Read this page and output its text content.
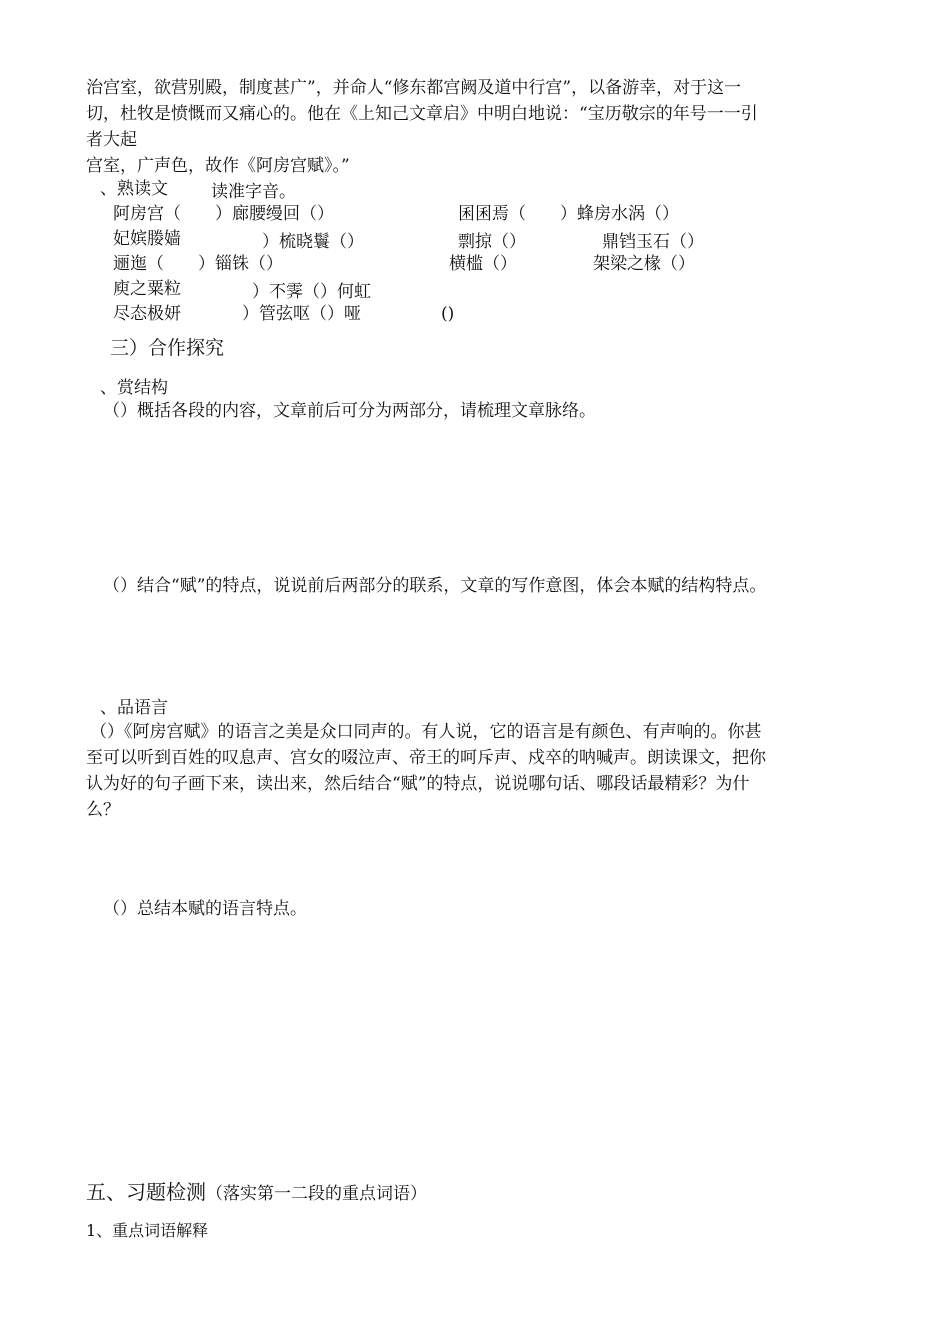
治宫室，欲营别殿，制度甚广”，并命人“修东都宫阙及道中行宫”，以备游幸，对于这一
切，杜牧是愤慨而又痛心的。他在《上知己文章启》中明白地说：“宝历敬宗的年号一一引
者大起
宫室，广声色，故作《阿房宫赋》。”
、熟读文	读准字音。
阿房宫（　　）廊腰缦回（）	囷囷焉（　　）蜂房水涡（）
妃嫔媵嫱	）梳晓鬟（）	剽掠（）	鼎铛玉石（）
逦迤（　　）锱铢（）	横槛（）	架梁之椽（）
庾之粟粒	）不霁（）何虹
尽态极妍	）管弦呕（）哑	()
三）合作探究
、赏结构
（）概括各段的内容，文章前后可分为两部分，请梳理文章脉络。
（）结合“赋”的特点，说说前后两部分的联系，文章的写作意图，体会本赋的结构特点。
、品语言
（）《阿房宫赋》的语言之美是众口同声的。有人说，它的语言是有颜色、有声响的。你甚
至可以听到百姓的叹息声、宫女的啜泣声、帝王的呵斥声、戍卒的呐喊声。朗读课文，把你
认为好的句子画下来，读出来，然后结合“赋”的特点，说说哪句话、哪段话最精彩？为什
么？
（）总结本赋的语言特点。
五、习题检测（落实第一二段的重点词语）
1、重点词语解释
